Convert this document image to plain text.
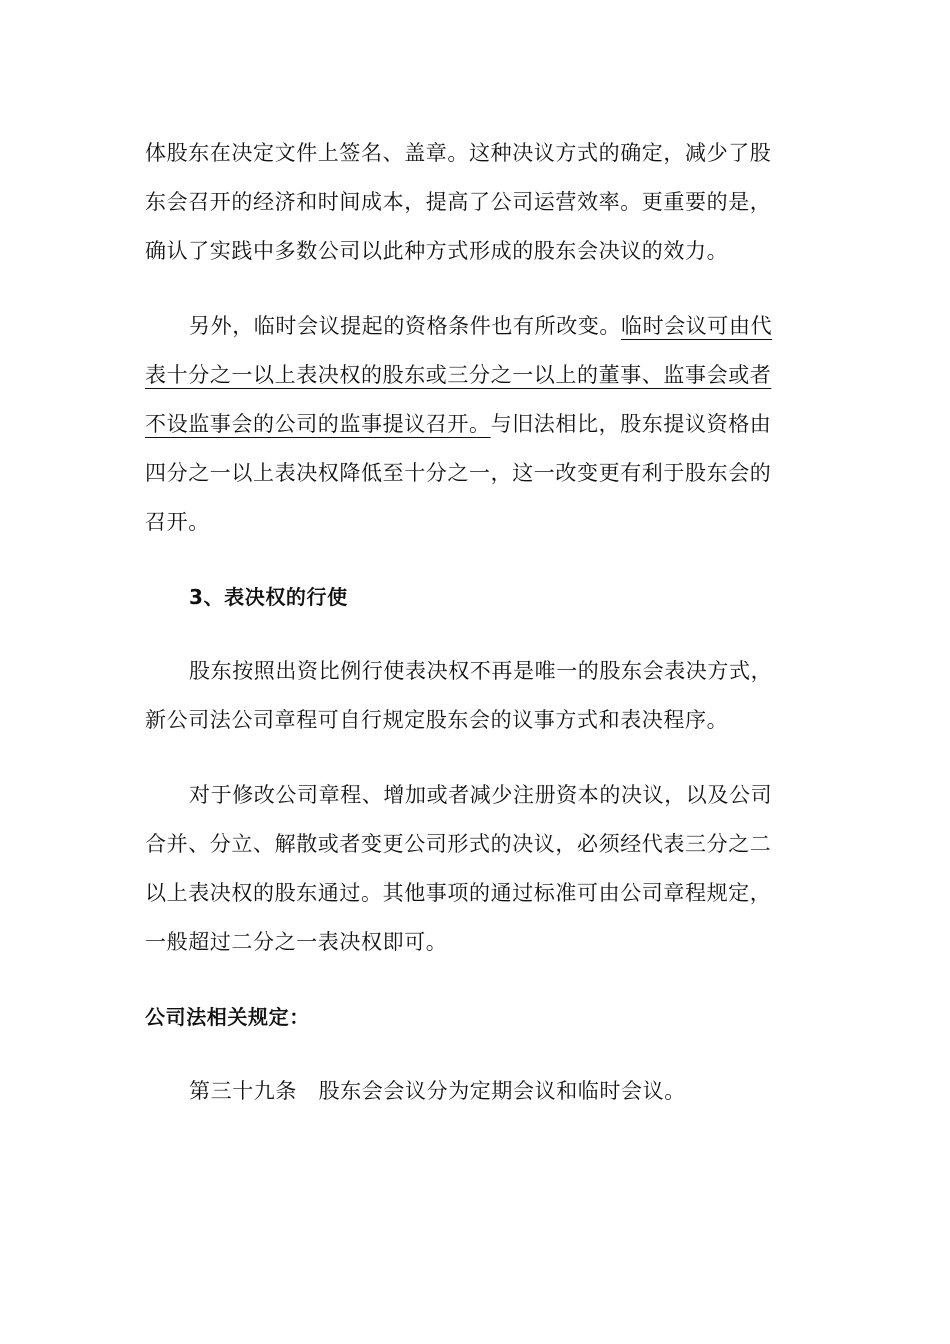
体股东在决定文件上签名、盖章。这种决议方式的确定，减少了股
东会召开的经济和时间成本，提高了公司运营效率。更重要的是，
确认了实践中多数公司以此种方式形成的股东会决议的效力。
另外，临时会议提起的资格条件也有所改变。临时会议可由代
表十分之一以上表决权的股东或三分之一以上的董事、监事会或者
不设监事会的公司的监事提议召开。与旧法相比，股东提议资格由
四分之一以上表决权降低至十分之一，这一改变更有利于股东会的
召开。
3、表决权的行使
股东按照出资比例行使表决权不再是唯一的股东会表决方式，
新公司法公司章程可自行规定股东会的议事方式和表决程序。
对于修改公司章程、增加或者减少注册资本的决议，以及公司
合并、分立、解散或者变更公司形式的决议，必须经代表三分之二
以上表决权的股东通过。其他事项的通过标准可由公司章程规定，
一般超过二分之一表决权即可。
公司法相关规定：
第三十九条　股东会会议分为定期会议和临时会议。
